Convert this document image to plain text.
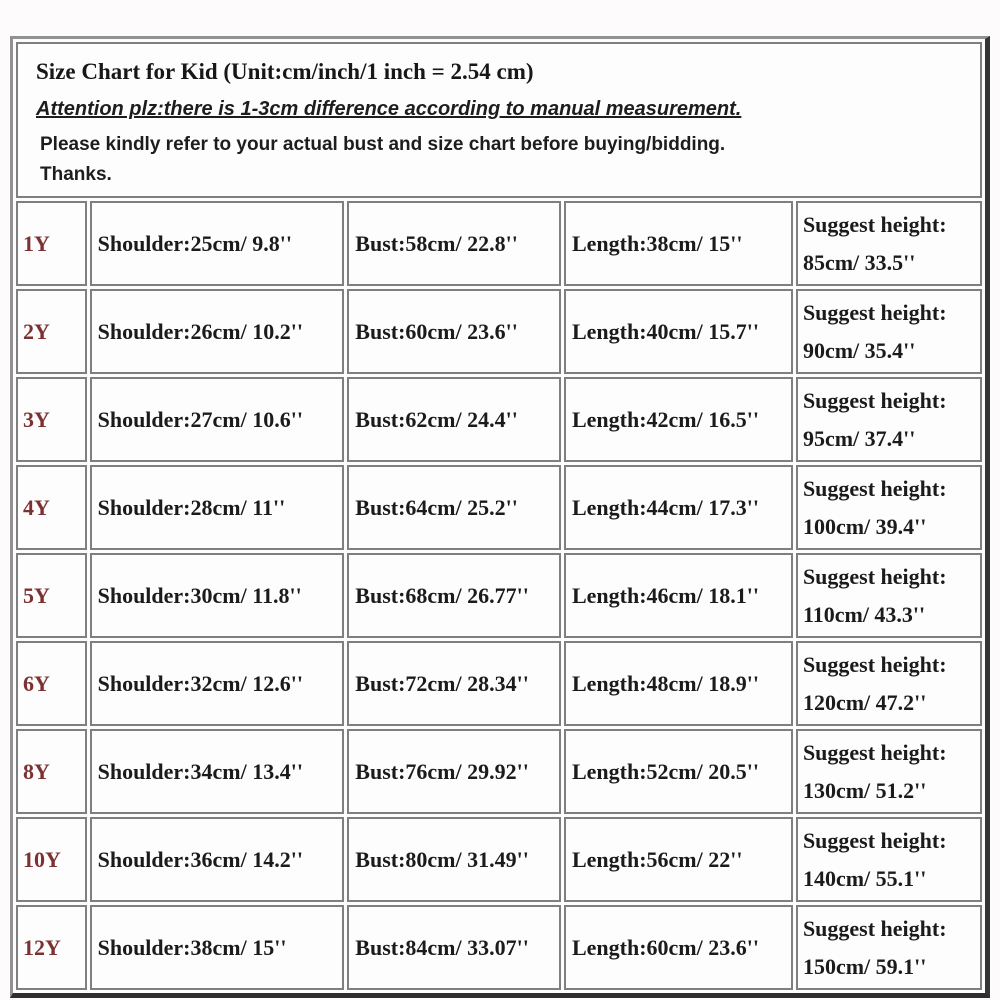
Size Chart for Kid (Unit:cm/inch/1 inch = 2.54 cm)
Attention plz:there is 1-3cm difference according to manual measurement.
Please kindly refer to your actual bust and size chart before buying/bidding.
Thanks.				

1Y	Shoulder:25cm/ 9.8''	Bust:58cm/ 22.8''	Length:38cm/ 15''	Suggest height:
85cm/ 33.5''

2Y	Shoulder:26cm/ 10.2''	Bust:60cm/ 23.6''	Length:40cm/ 15.7''	Suggest height:
90cm/ 35.4''

3Y	Shoulder:27cm/ 10.6''	Bust:62cm/ 24.4''	Length:42cm/ 16.5''	Suggest height:
95cm/ 37.4''

4Y	Shoulder:28cm/ 11''	Bust:64cm/ 25.2''	Length:44cm/ 17.3''	Suggest height:
100cm/ 39.4''

5Y	Shoulder:30cm/ 11.8''	Bust:68cm/ 26.77''	Length:46cm/ 18.1''	Suggest height:
110cm/ 43.3''

6Y	Shoulder:32cm/ 12.6''	Bust:72cm/ 28.34''	Length:48cm/ 18.9''	Suggest height:
120cm/ 47.2''

8Y	Shoulder:34cm/ 13.4''	Bust:76cm/ 29.92''	Length:52cm/ 20.5''	Suggest height:
130cm/ 51.2''

10Y	Shoulder:36cm/ 14.2''	Bust:80cm/ 31.49''	Length:56cm/ 22''	Suggest height:
140cm/ 55.1''

12Y	Shoulder:38cm/ 15''	Bust:84cm/ 33.07''	Length:60cm/ 23.6''	Suggest height:
150cm/ 59.1''
